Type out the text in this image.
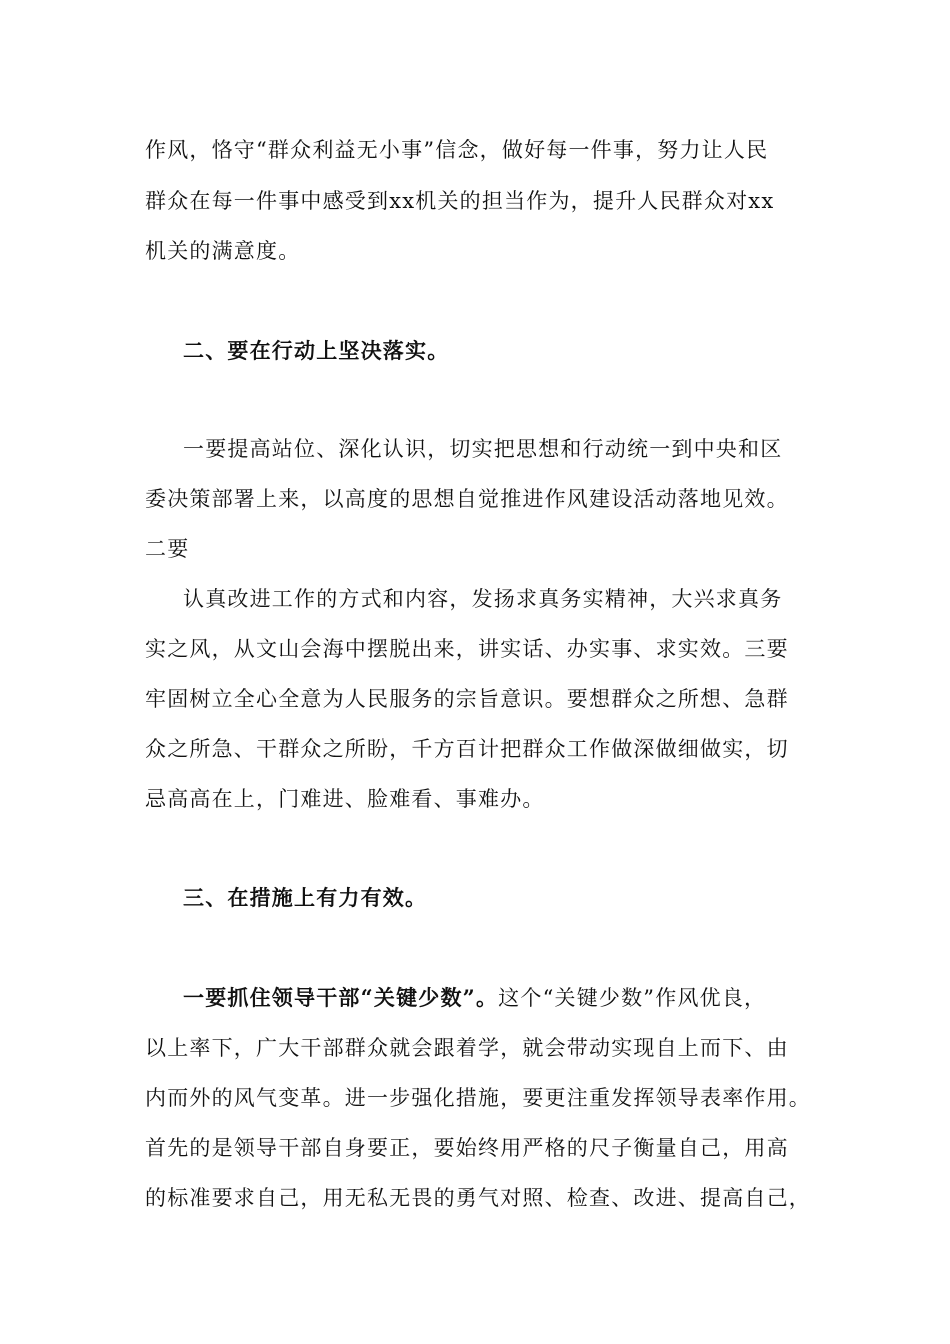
作风，恪守“群众利益无小事”信念，做好每一件事，努力让人民
群众在每一件事中感受到xx机关的担当作为，提升人民群众对xx
机关的满意度。
二、要在行动上坚决落实。
一要提高站位、深化认识，切实把思想和行动统一到中央和区
委决策部署上来，以高度的思想自觉推进作风建设活动落地见效。
二要
认真改进工作的方式和内容，发扬求真务实精神，大兴求真务
实之风，从文山会海中摆脱出来，讲实话、办实事、求实效。三要
牢固树立全心全意为人民服务的宗旨意识。要想群众之所想、急群
众之所急、干群众之所盼，千方百计把群众工作做深做细做实，切
忌高高在上，门难进、脸难看、事难办。
三、在措施上有力有效。
一要抓住领导干部“关键少数”。这个“关键少数”作风优良，
以上率下，广大干部群众就会跟着学，就会带动实现自上而下、由
内而外的风气变革。进一步强化措施，要更注重发挥领导表率作用。
首先的是领导干部自身要正，要始终用严格的尺子衡量自己，用高
的标准要求自己，用无私无畏的勇气对照、检查、改进、提高自己，
